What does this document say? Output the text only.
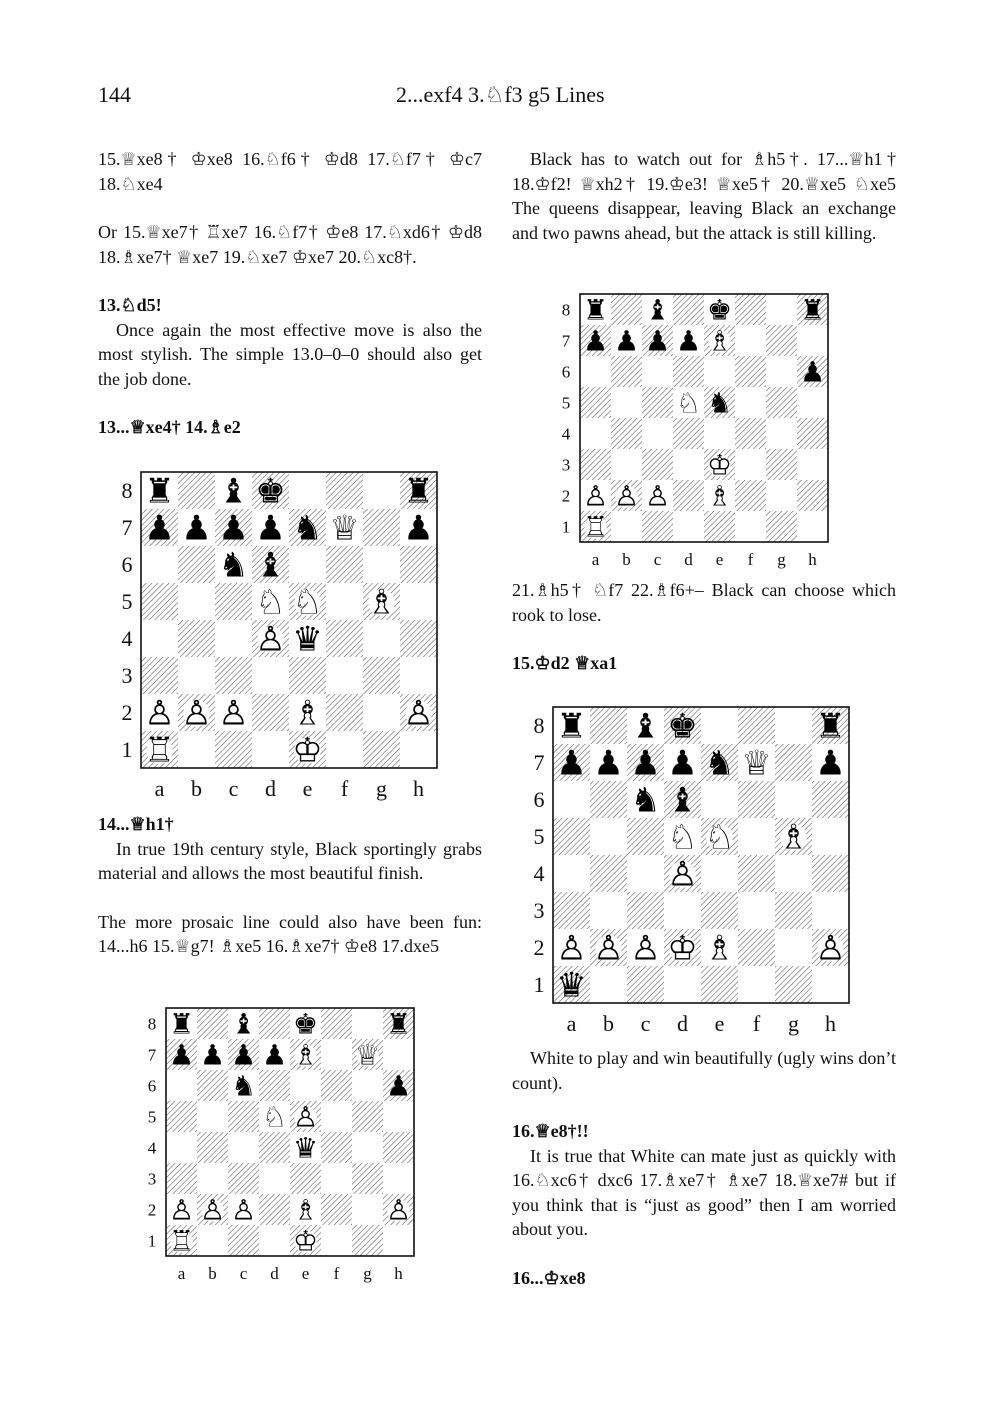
144	2...exf4 3.♘f3 g5 Lines

15.♕xe8† ♔xe8 16.♘f6† ♔d8 17.♘f7† ♔c7 18.♘xe4

Or 15.♕xe7† ♖xe7 16.♘f7† ♔e8 17.♘xd6† ♔d8 18.♗xe7† ♕xe7 19.♘xe7 ♔xe7 20.♘xc8†.

13.♘d5!

Once again the most effective move is also the most stylish. The simple 13.0–0–0 should also get the job done.

13...♕xe4† 14.♗e2

14...♕h1†

In true 19th century style, Black sportingly grabs material and allows the most beautiful finish.

The more prosaic line could also have been fun: 14...h6 15.♕g7! ♗xe5 16.♗xe7† ♔e8 17.dxe5

Black has to watch out for ♗h5†. 17...♕h1† 18.♔f2! ♕xh2† 19.♔e3! ♕xe5† 20.♕xe5 ♘xe5 The queens disappear, leaving Black an exchange and two pawns ahead, but the attack is still killing.

21.♗h5† ♘f7 22.♗f6+– Black can choose which rook to lose.

15.♔d2 ♕xa1

White to play and win beautifully (ugly wins don’t count).

16.♕e8†!!

It is true that White can mate just as quickly with 16.♘xc6† dxc6 17.♗xe7† ♗xe7 18.♕xe7# but if you think that is “just as good” then I am worried about you.

16...♔xe8

8
7
6
5
4
3
2
1
a b c d e f g h
♜ ♝ ♚	♜
♟ ♟ ♟ ♟ ♞ ♕ ♟
♞ ♝
♘ ♘ ♗
♙ ♛
♙ ♙ ♙ ♗ ♙
♖	♔
8
7
6
5
4
3
2
1
a b c d e f g h
♜ ♝ ♚ ♜
♟ ♟ ♟ ♟ ♗
♟
♘ ♞
♔
♙ ♙ ♙ ♗
♖
8
7
6
5
4
3
2
1
a b c d e f g h
♜ ♝ ♚ ♜
♟ ♟ ♟ ♟ ♗ ♕
♞	♟
♘ ♙
♛
♙ ♙ ♙ ♗ ♙
♖	♔
8
7
6
5
4
3
2
1
a b c d e f g h
♜ ♝ ♚	♜
♟ ♟ ♟ ♟ ♞ ♕ ♟
♞ ♝
♘ ♘ ♗
♙
♙ ♙ ♙ ♔ ♗ ♙
♛
